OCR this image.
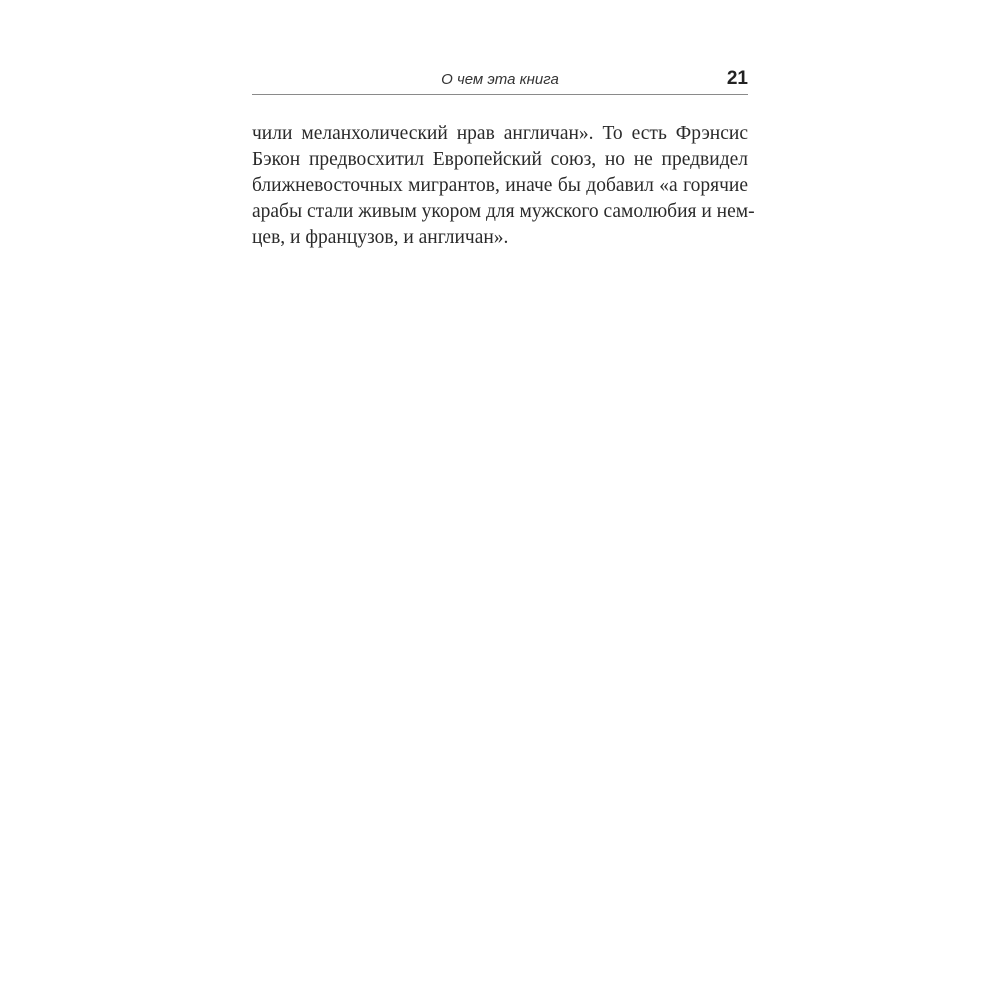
О чем эта книга	21
чили меланхолический нрав англичан». То есть Фрэнсис
Бэкон предвосхитил Европейский союз, но не предвидел
ближневосточных мигрантов, иначе бы добавил «а горячие
арабы стали живым укором для мужского самолюбия и нем-
цев, и французов, и англичан».
